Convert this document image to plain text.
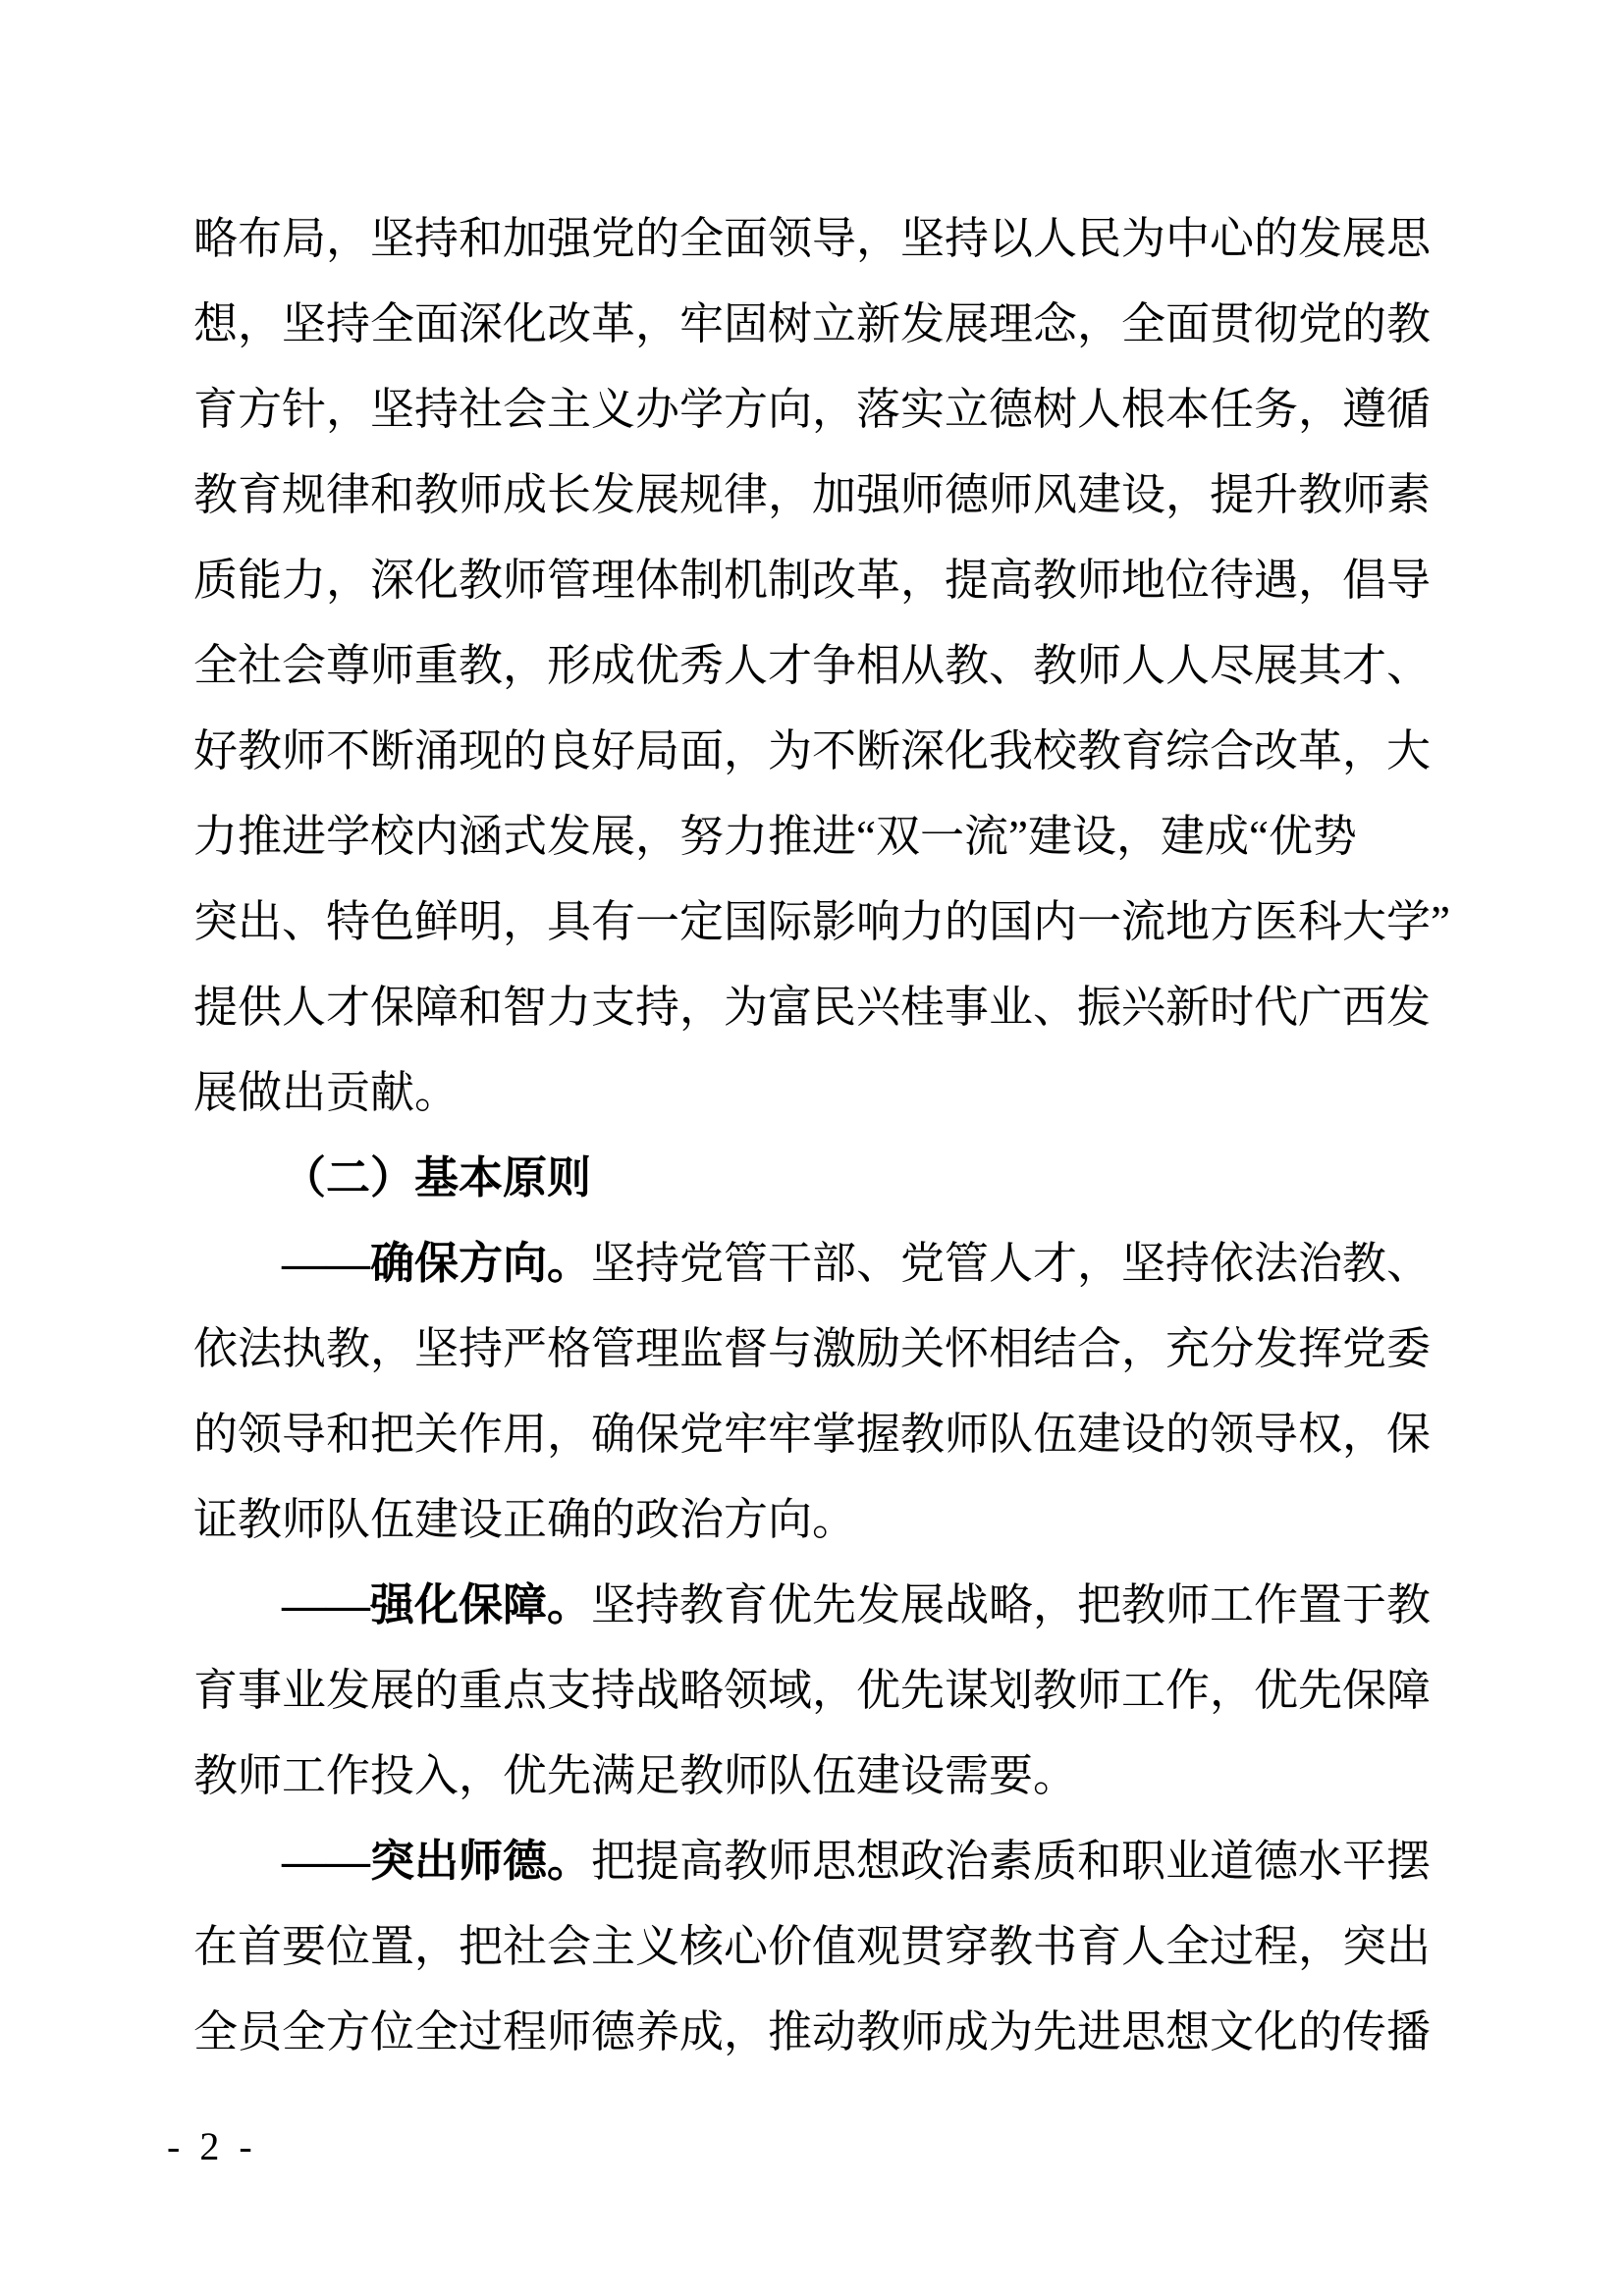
略布局，坚持和加强党的全面领导，坚持以人民为中心的发展思
想，坚持全面深化改革，牢固树立新发展理念，全面贯彻党的教
育方针，坚持社会主义办学方向，落实立德树人根本任务，遵循
教育规律和教师成长发展规律，加强师德师风建设，提升教师素
质能力，深化教师管理体制机制改革，提高教师地位待遇，倡导
全社会尊师重教，形成优秀人才争相从教、教师人人尽展其才、
好教师不断涌现的良好局面，为不断深化我校教育综合改革，大
力推进学校内涵式发展，努力推进“双一流”建设，建成“优势
突出、特色鲜明，具有一定国际影响力的国内一流地方医科大学”
提供人才保障和智力支持，为富民兴桂事业、振兴新时代广西发
展做出贡献。
（二）基本原则
——确保方向。坚持党管干部、党管人才，坚持依法治教、
依法执教，坚持严格管理监督与激励关怀相结合，充分发挥党委
的领导和把关作用，确保党牢牢掌握教师队伍建设的领导权，保
证教师队伍建设正确的政治方向。
——强化保障。坚持教育优先发展战略，把教师工作置于教
育事业发展的重点支持战略领域，优先谋划教师工作，优先保障
教师工作投入，优先满足教师队伍建设需要。
——突出师德。把提高教师思想政治素质和职业道德水平摆
在首要位置，把社会主义核心价值观贯穿教书育人全过程，突出
全员全方位全过程师德养成，推动教师成为先进思想文化的传播
- 2 -
